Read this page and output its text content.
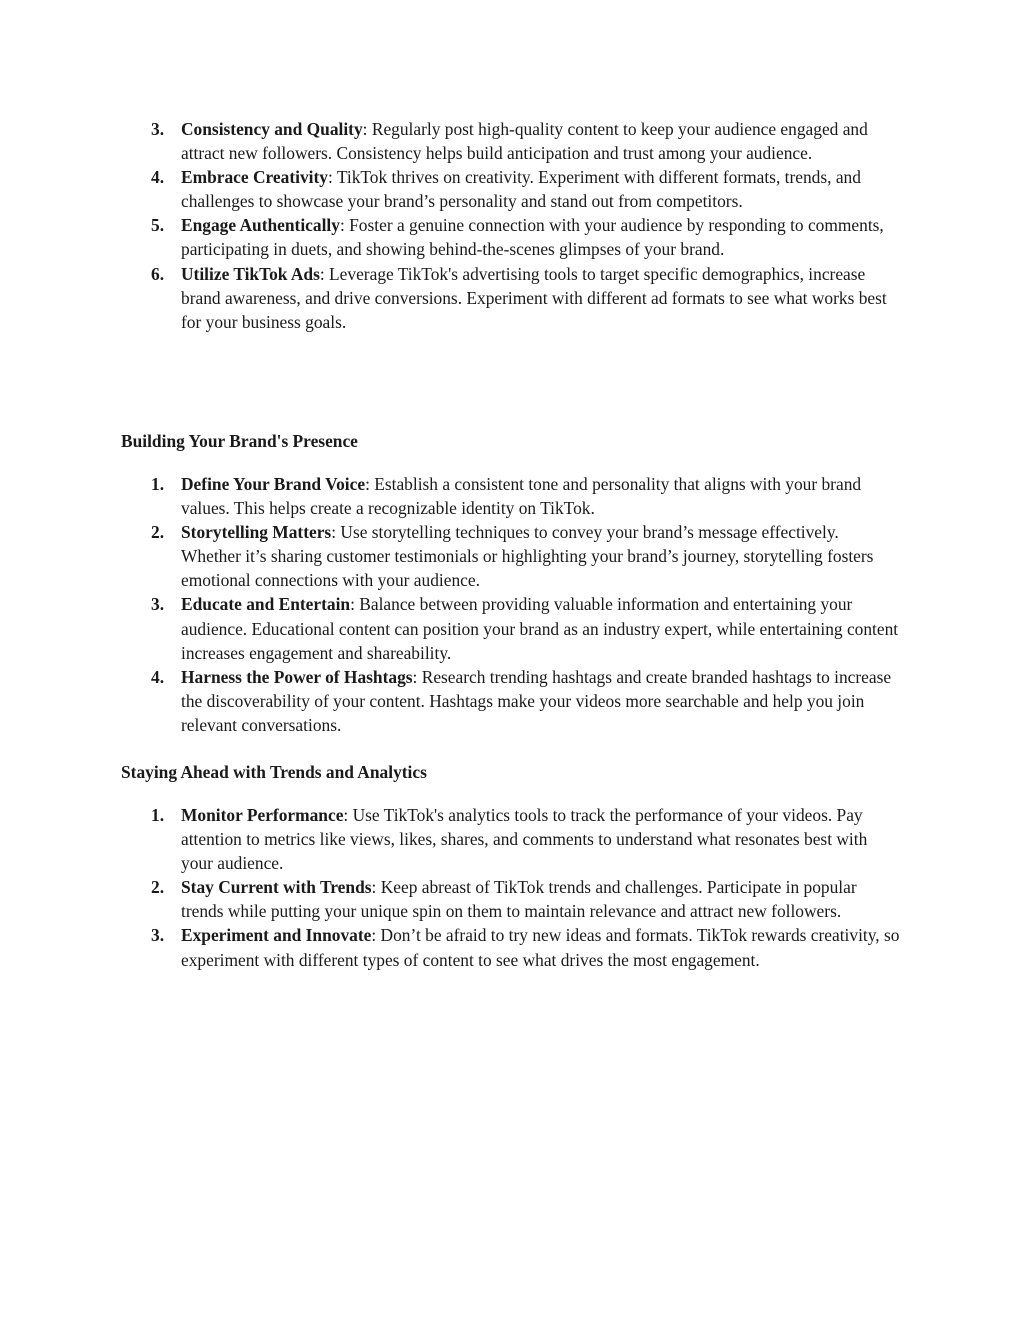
3. Consistency and Quality: Regularly post high-quality content to keep your audience engaged and attract new followers. Consistency helps build anticipation and trust among your audience.
4. Embrace Creativity: TikTok thrives on creativity. Experiment with different formats, trends, and challenges to showcase your brand’s personality and stand out from competitors.
5. Engage Authentically: Foster a genuine connection with your audience by responding to comments, participating in duets, and showing behind-the-scenes glimpses of your brand.
6. Utilize TikTok Ads: Leverage TikTok's advertising tools to target specific demographics, increase brand awareness, and drive conversions. Experiment with different ad formats to see what works best for your business goals.
Building Your Brand's Presence
1. Define Your Brand Voice: Establish a consistent tone and personality that aligns with your brand values. This helps create a recognizable identity on TikTok.
2. Storytelling Matters: Use storytelling techniques to convey your brand’s message effectively. Whether it’s sharing customer testimonials or highlighting your brand’s journey, storytelling fosters emotional connections with your audience.
3. Educate and Entertain: Balance between providing valuable information and entertaining your audience. Educational content can position your brand as an industry expert, while entertaining content increases engagement and shareability.
4. Harness the Power of Hashtags: Research trending hashtags and create branded hashtags to increase the discoverability of your content. Hashtags make your videos more searchable and help you join relevant conversations.
Staying Ahead with Trends and Analytics
1. Monitor Performance: Use TikTok's analytics tools to track the performance of your videos. Pay attention to metrics like views, likes, shares, and comments to understand what resonates best with your audience.
2. Stay Current with Trends: Keep abreast of TikTok trends and challenges. Participate in popular trends while putting your unique spin on them to maintain relevance and attract new followers.
3. Experiment and Innovate: Don’t be afraid to try new ideas and formats. TikTok rewards creativity, so experiment with different types of content to see what drives the most engagement.
